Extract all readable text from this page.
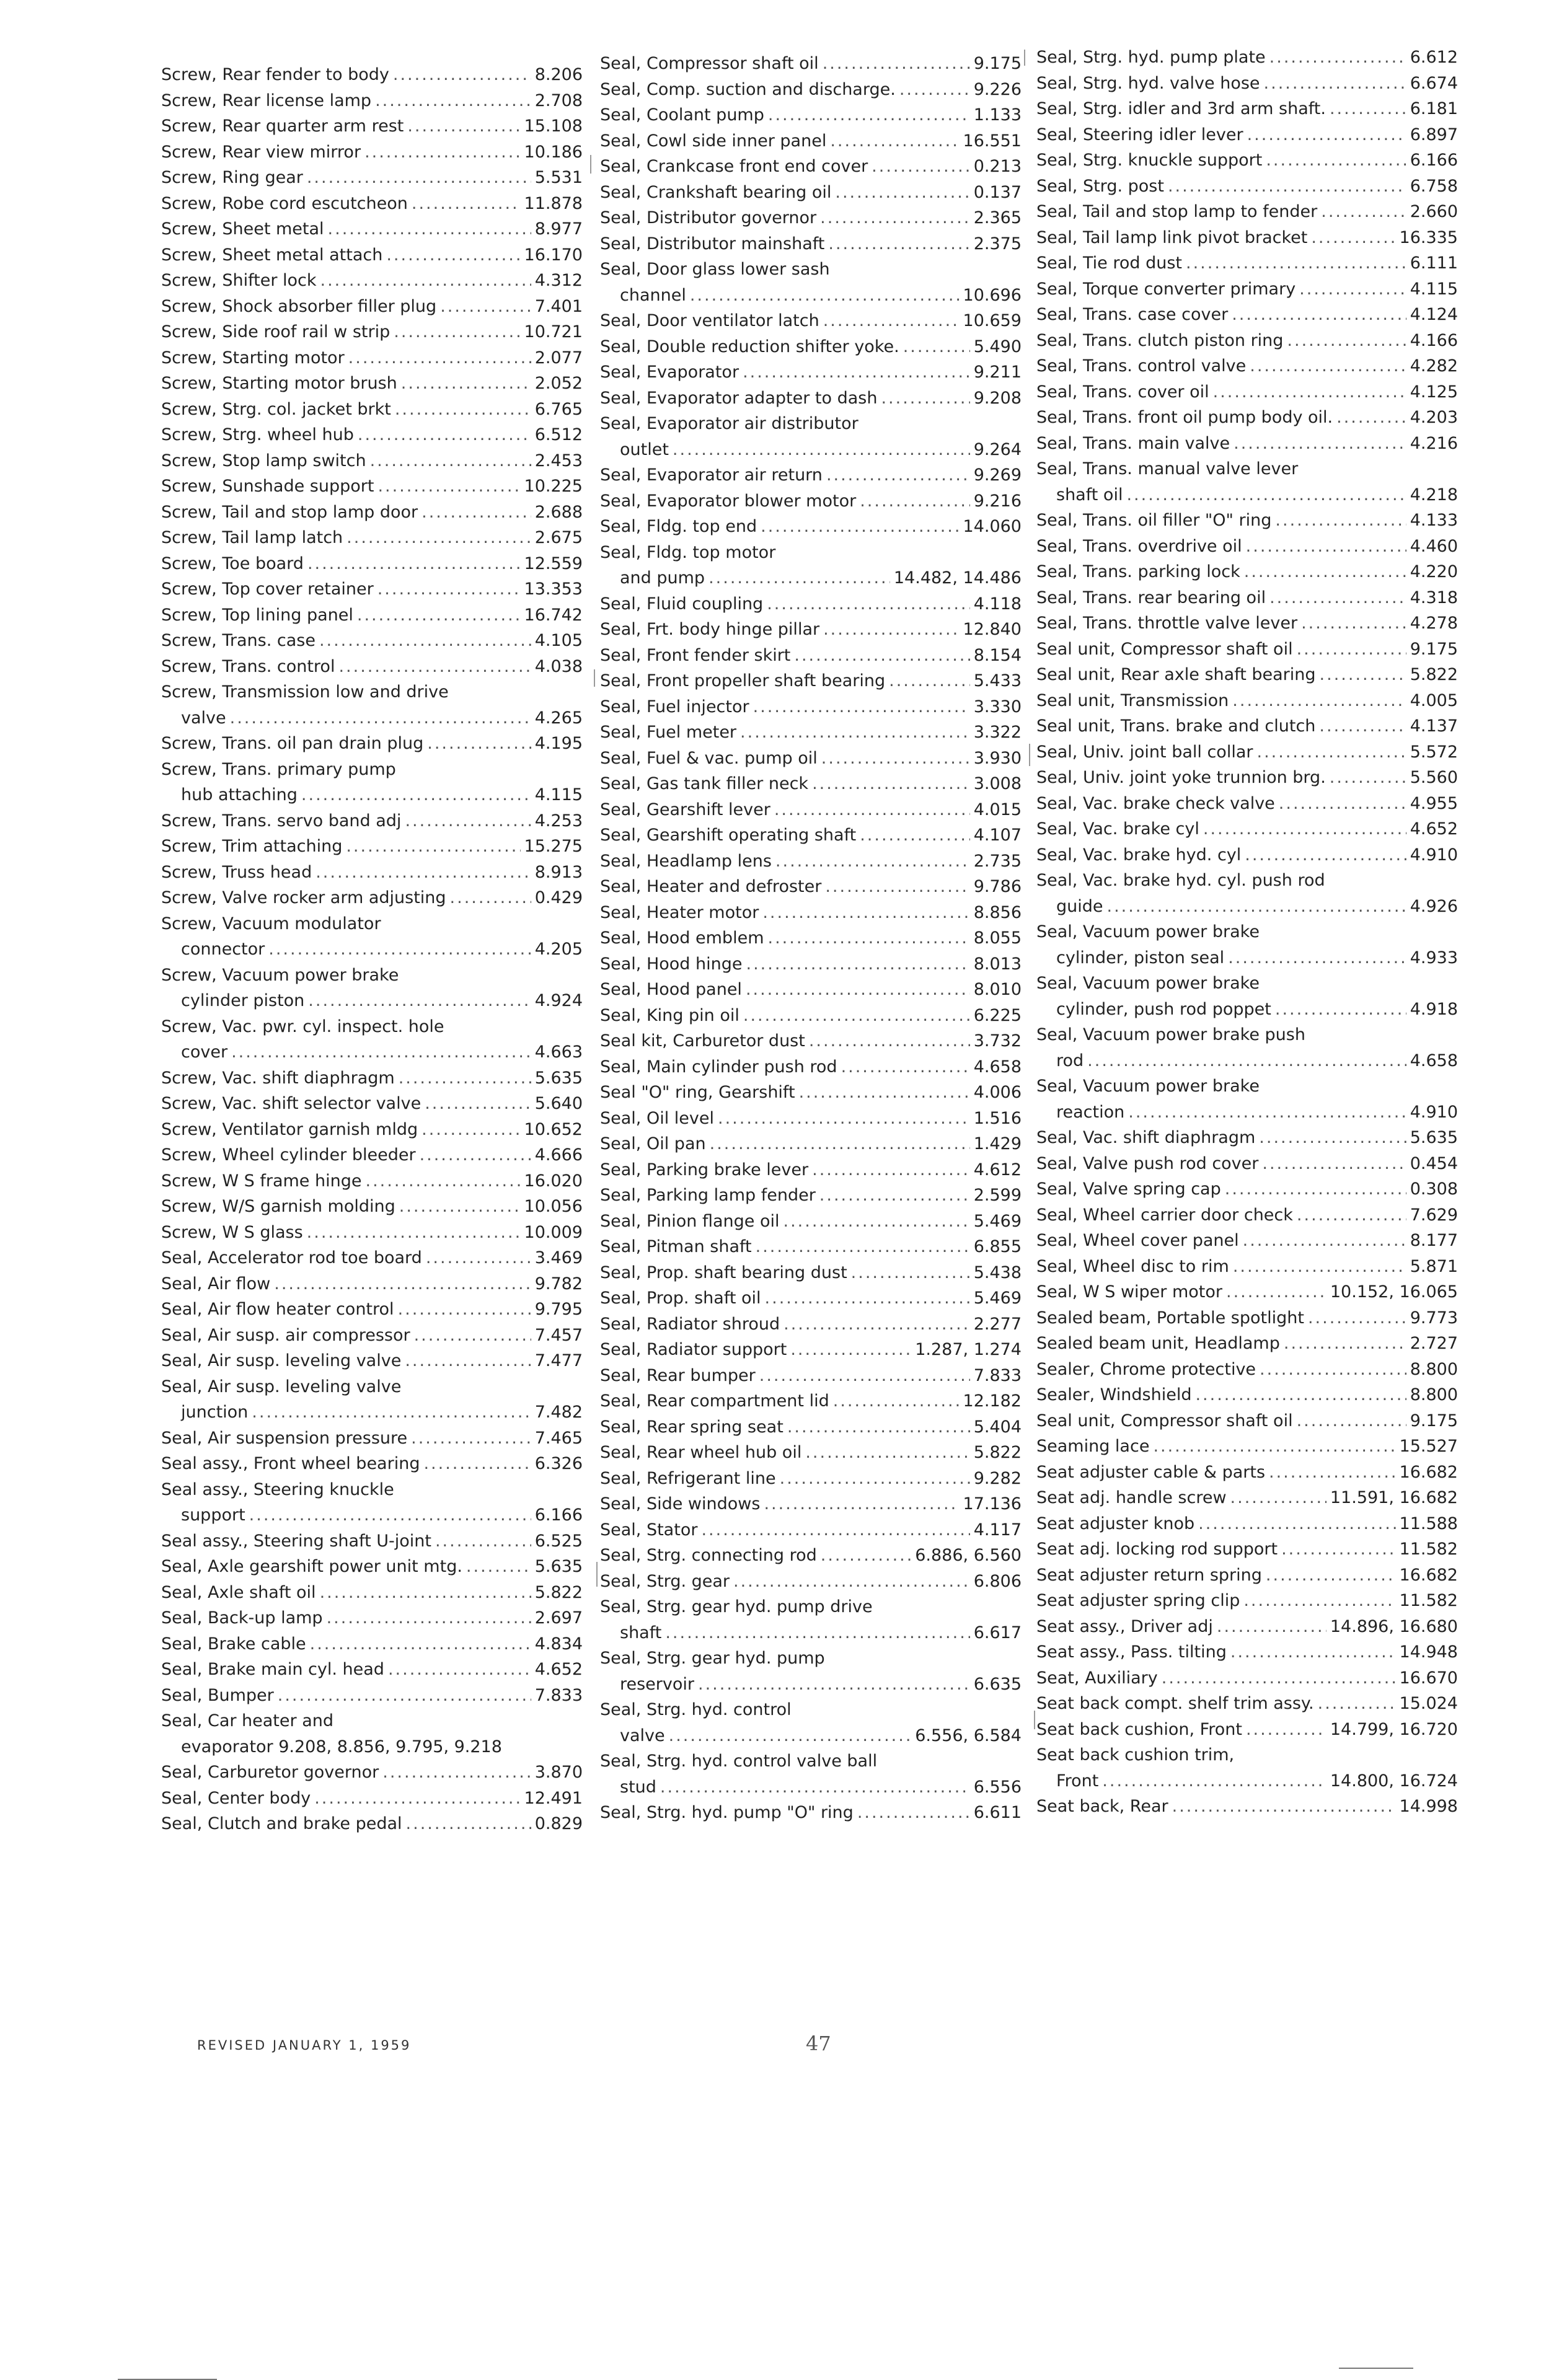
Screw, Rear fender to body .....	8.206
Screw, Rear license lamp .....	2.708
Screw, Rear quarter arm rest .....	15.108
Screw, Rear view mirror .....	10.186
Screw, Ring gear .....	5.531
Screw, Robe cord escutcheon .....	11.878
Screw, Sheet metal .....	8.977
Screw, Sheet metal attach .....	16.170
Screw, Shifter lock .....	4.312
Screw, Shock absorber filler plug .....	7.401
Screw, Side roof rail w strip .....	10.721
Screw, Starting motor .....	2.077
Screw, Starting motor brush .....	2.052
Screw, Strg. col. jacket brkt .....	6.765
Screw, Strg. wheel hub .....	6.512
Screw, Stop lamp switch .....	2.453
Screw, Sunshade support .....	10.225
Screw, Tail and stop lamp door .....	2.688
Screw, Tail lamp latch .....	2.675
Screw, Toe board .....	12.559
Screw, Top cover retainer .....	13.353
Screw, Top lining panel .....	16.742
Screw, Trans. case .....	4.105
Screw, Trans. control .....	4.038
Screw, Transmission low and drive
valve .....	4.265
Screw, Trans. oil pan drain plug .....	4.195
Screw, Trans. primary pump
hub attaching .....	4.115
Screw, Trans. servo band adj .....	4.253
Screw, Trim attaching .....	15.275
Screw, Truss head .....	8.913
Screw, Valve rocker arm adjusting .....	0.429
Screw, Vacuum modulator
connector .....	4.205
Screw, Vacuum power brake
cylinder piston .....	4.924
Screw, Vac. pwr. cyl. inspect. hole
cover .....	4.663
Screw, Vac. shift diaphragm .....	5.635
Screw, Vac. shift selector valve .....	5.640
Screw, Ventilator garnish mldg .....	10.652
Screw, Wheel cylinder bleeder .....	4.666
Screw, W S frame hinge .....	16.020
Screw, W/S garnish molding .....	10.056
Screw, W S glass .....	10.009
Seal, Accelerator rod toe board .....	3.469
Seal, Air flow .....	9.782
Seal, Air flow heater control .....	9.795
Seal, Air susp. air compressor .....	7.457
Seal, Air susp. leveling valve .....	7.477
Seal, Air susp. leveling valve
junction .....	7.482
Seal, Air suspension pressure .....	7.465
Seal assy., Front wheel bearing .....	6.326
Seal assy., Steering knuckle
support .....	6.166
Seal assy., Steering shaft U-joint .....	6.525
Seal, Axle gearshift power unit mtg. .....	5.635
Seal, Axle shaft oil .....	5.822
Seal, Back-up lamp .....	2.697
Seal, Brake cable .....	4.834
Seal, Brake main cyl. head .....	4.652
Seal, Bumper .....	7.833
Seal, Car heater and
evaporator 9.208, 8.856, 9.795, 9.218
Seal, Carburetor governor .....	3.870
Seal, Center body .....	12.491
Seal, Clutch and brake pedal .....	0.829
Seal, Compressor shaft oil .....	9.175
Seal, Comp. suction and discharge. .....	9.226
Seal, Coolant pump .....	1.133
Seal, Cowl side inner panel .....	16.551
Seal, Crankcase front end cover .....	0.213
Seal, Crankshaft bearing oil .....	0.137
Seal, Distributor governor .....	2.365
Seal, Distributor mainshaft .....	2.375
Seal, Door glass lower sash
channel .....	10.696
Seal, Door ventilator latch .....	10.659
Seal, Double reduction shifter yoke. .....	5.490
Seal, Evaporator .....	9.211
Seal, Evaporator adapter to dash .....	9.208
Seal, Evaporator air distributor
outlet .....	9.264
Seal, Evaporator air return .....	9.269
Seal, Evaporator blower motor .....	9.216
Seal, Fldg. top end .....	14.060
Seal, Fldg. top motor
and pump .....	14.482, 14.486
Seal, Fluid coupling .....	4.118
Seal, Frt. body hinge pillar .....	12.840
Seal, Front fender skirt .....	8.154
Seal, Front propeller shaft bearing .....	5.433
Seal, Fuel injector .....	3.330
Seal, Fuel meter .....	3.322
Seal, Fuel & vac. pump oil .....	3.930
Seal, Gas tank filler neck .....	3.008
Seal, Gearshift lever .....	4.015
Seal, Gearshift operating shaft .....	4.107
Seal, Headlamp lens .....	2.735
Seal, Heater and defroster .....	9.786
Seal, Heater motor .....	8.856
Seal, Hood emblem .....	8.055
Seal, Hood hinge .....	8.013
Seal, Hood panel .....	8.010
Seal, King pin oil .....	6.225
Seal kit, Carburetor dust .....	3.732
Seal, Main cylinder push rod .....	4.658
Seal "O" ring, Gearshift .....	4.006
Seal, Oil level .....	1.516
Seal, Oil pan .....	1.429
Seal, Parking brake lever .....	4.612
Seal, Parking lamp fender .....	2.599
Seal, Pinion flange oil .....	5.469
Seal, Pitman shaft .....	6.855
Seal, Prop. shaft bearing dust .....	5.438
Seal, Prop. shaft oil .....	5.469
Seal, Radiator shroud .....	2.277
Seal, Radiator support .....	1.287, 1.274
Seal, Rear bumper .....	7.833
Seal, Rear compartment lid .....	12.182
Seal, Rear spring seat .....	5.404
Seal, Rear wheel hub oil .....	5.822
Seal, Refrigerant line .....	9.282
Seal, Side windows .....	17.136
Seal, Stator .....	4.117
Seal, Strg. connecting rod .....	6.886, 6.560
Seal, Strg. gear .....	6.806
Seal, Strg. gear hyd. pump drive
shaft .....	6.617
Seal, Strg. gear hyd. pump
reservoir .....	6.635
Seal, Strg. hyd. control
valve .....	6.556, 6.584
Seal, Strg. hyd. control valve ball
stud .....	6.556
Seal, Strg. hyd. pump "O" ring .....	6.611
Seal, Strg. hyd. pump plate .....	6.612
Seal, Strg. hyd. valve hose .....	6.674
Seal, Strg. idler and 3rd arm shaft. .....	6.181
Seal, Steering idler lever .....	6.897
Seal, Strg. knuckle support .....	6.166
Seal, Strg. post .....	6.758
Seal, Tail and stop lamp to fender .....	2.660
Seal, Tail lamp link pivot bracket .....	16.335
Seal, Tie rod dust .....	6.111
Seal, Torque converter primary .....	4.115
Seal, Trans. case cover .....	4.124
Seal, Trans. clutch piston ring .....	4.166
Seal, Trans. control valve .....	4.282
Seal, Trans. cover oil .....	4.125
Seal, Trans. front oil pump body oil. .....	4.203
Seal, Trans. main valve .....	4.216
Seal, Trans. manual valve lever
shaft oil .....	4.218
Seal, Trans. oil filler "O" ring .....	4.133
Seal, Trans. overdrive oil .....	4.460
Seal, Trans. parking lock .....	4.220
Seal, Trans. rear bearing oil .....	4.318
Seal, Trans. throttle valve lever .....	4.278
Seal unit, Compressor shaft oil .....	9.175
Seal unit, Rear axle shaft bearing .....	5.822
Seal unit, Transmission .....	4.005
Seal unit, Trans. brake and clutch .....	4.137
Seal, Univ. joint ball collar .....	5.572
Seal, Univ. joint yoke trunnion brg. .....	5.560
Seal, Vac. brake check valve .....	4.955
Seal, Vac. brake cyl .....	4.652
Seal, Vac. brake hyd. cyl .....	4.910
Seal, Vac. brake hyd. cyl. push rod
guide .....	4.926
Seal, Vacuum power brake
cylinder, piston seal .....	4.933
Seal, Vacuum power brake
cylinder, push rod poppet .....	4.918
Seal, Vacuum power brake push
rod .....	4.658
Seal, Vacuum power brake
reaction .....	4.910
Seal, Vac. shift diaphragm .....	5.635
Seal, Valve push rod cover .....	0.454
Seal, Valve spring cap .....	0.308
Seal, Wheel carrier door check .....	7.629
Seal, Wheel cover panel .....	8.177
Seal, Wheel disc to rim .....	5.871
Seal, W S wiper motor .....	10.152, 16.065
Sealed beam, Portable spotlight .....	9.773
Sealed beam unit, Headlamp .....	2.727
Sealer, Chrome protective .....	8.800
Sealer, Windshield .....	8.800
Seal unit, Compressor shaft oil .....	9.175
Seaming lace .....	15.527
Seat adjuster cable & parts .....	16.682
Seat adj. handle screw .....	11.591, 16.682
Seat adjuster knob .....	11.588
Seat adj. locking rod support .....	11.582
Seat adjuster return spring .....	16.682
Seat adjuster spring clip .....	11.582
Seat assy., Driver adj .....	14.896, 16.680
Seat assy., Pass. tilting .....	14.948
Seat, Auxiliary .....	16.670
Seat back compt. shelf trim assy. .....	15.024
Seat back cushion, Front .....	14.799, 16.720
Seat back cushion trim,
Front .....	14.800, 16.724
Seat back, Rear .....	14.998
REVISED JANUARY 1, 1959	47
